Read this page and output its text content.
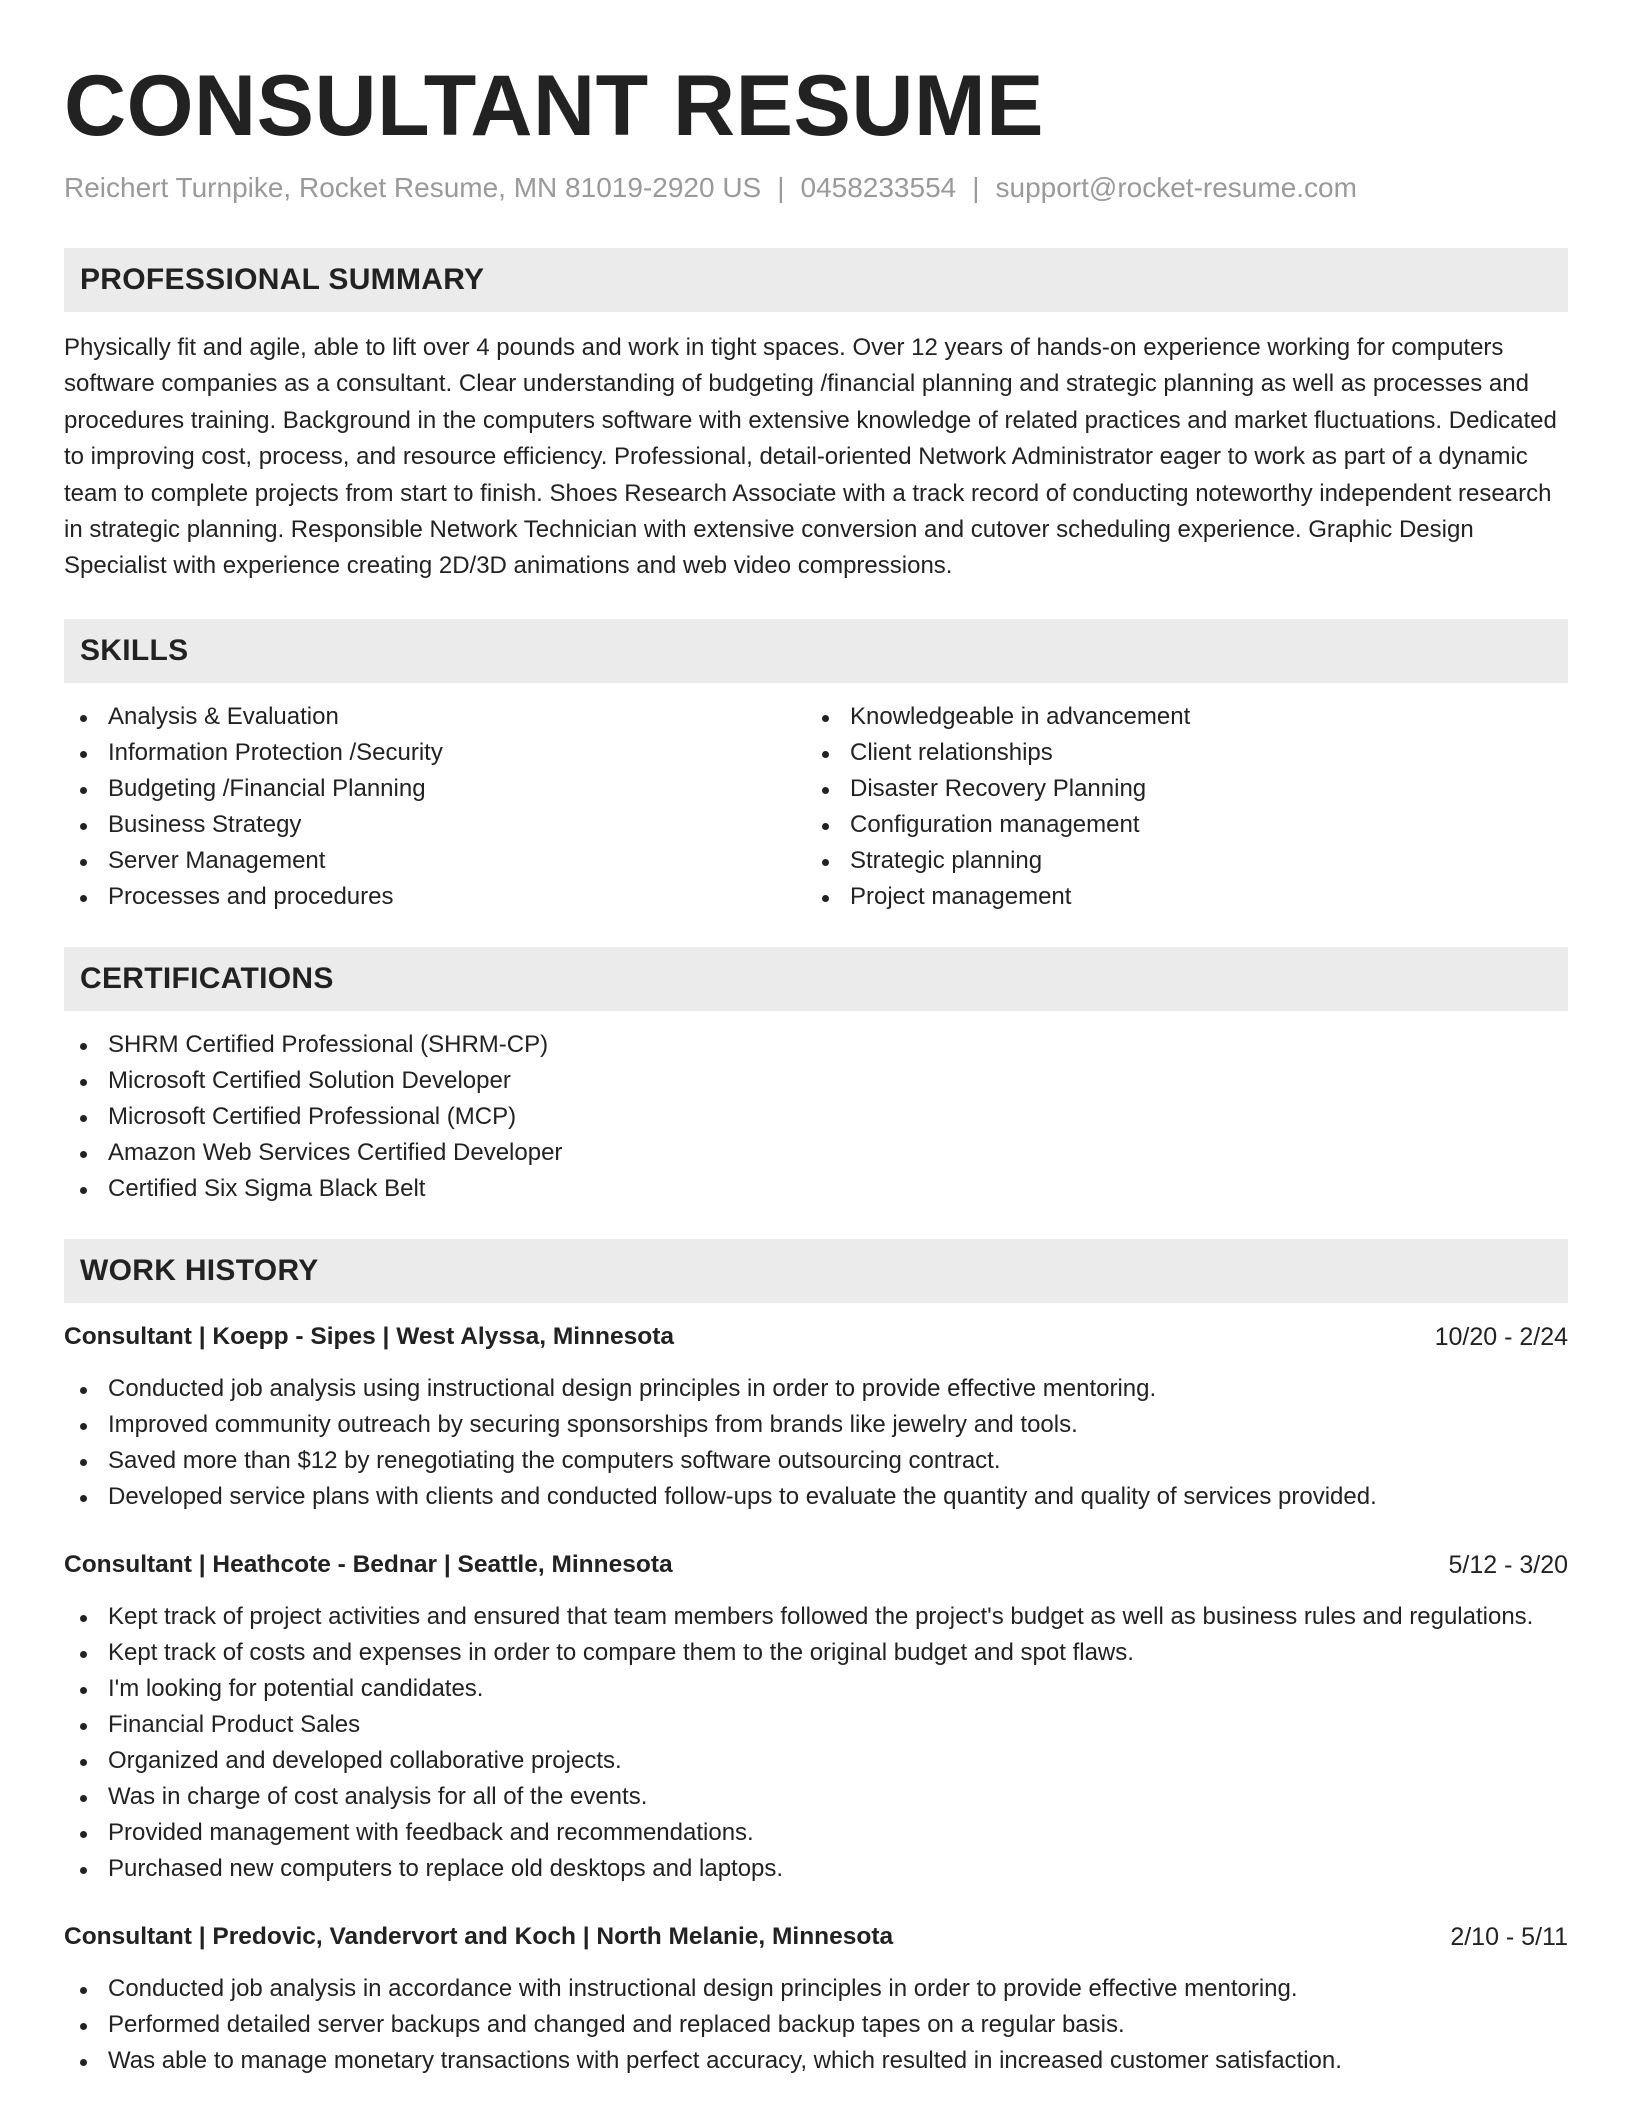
CONSULTANT RESUME
Reichert Turnpike, Rocket Resume, MN 81019-2920 US | 0458233554 | support@rocket-resume.com
PROFESSIONAL SUMMARY

Physically fit and agile, able to lift over 4 pounds and work in tight spaces. Over 12 years of hands-on experience working for computers software companies as a consultant. Clear understanding of budgeting /financial planning and strategic planning as well as processes and procedures training. Background in the computers software with extensive knowledge of related practices and market fluctuations. Dedicated to improving cost, process, and resource efficiency. Professional, detail-oriented Network Administrator eager to work as part of a dynamic team to complete projects from start to finish. Shoes Research Associate with a track record of conducting noteworthy independent research in strategic planning. Responsible Network Technician with extensive conversion and cutover scheduling experience. Graphic Design Specialist with experience creating 2D/3D animations and web video compressions.

SKILLS
Analysis & Evaluation
Information Protection /Security
Budgeting /Financial Planning
Business Strategy
Server Management
Processes and procedures
Knowledgeable in advancement
Client relationships
Disaster Recovery Planning
Configuration management
Strategic planning
Project management
CERTIFICATIONS
SHRM Certified Professional (SHRM-CP)
Microsoft Certified Solution Developer
Microsoft Certified Professional (MCP)
Amazon Web Services Certified Developer
Certified Six Sigma Black Belt
WORK HISTORY
Consultant | Koepp - Sipes | West Alyssa, Minnesota	10/20 - 2/24
Conducted job analysis using instructional design principles in order to provide effective mentoring.
Improved community outreach by securing sponsorships from brands like jewelry and tools.
Saved more than $12 by renegotiating the computers software outsourcing contract.
Developed service plans with clients and conducted follow-ups to evaluate the quantity and quality of services provided.
Consultant | Heathcote - Bednar | Seattle, Minnesota	5/12 - 3/20
Kept track of project activities and ensured that team members followed the project's budget as well as business rules and regulations.
Kept track of costs and expenses in order to compare them to the original budget and spot flaws.
I'm looking for potential candidates.
Financial Product Sales
Organized and developed collaborative projects.
Was in charge of cost analysis for all of the events.
Provided management with feedback and recommendations.
Purchased new computers to replace old desktops and laptops.
Consultant | Predovic, Vandervort and Koch | North Melanie, Minnesota	2/10 - 5/11
Conducted job analysis in accordance with instructional design principles in order to provide effective mentoring.
Performed detailed server backups and changed and replaced backup tapes on a regular basis.
Was able to manage monetary transactions with perfect accuracy, which resulted in increased customer satisfaction.
